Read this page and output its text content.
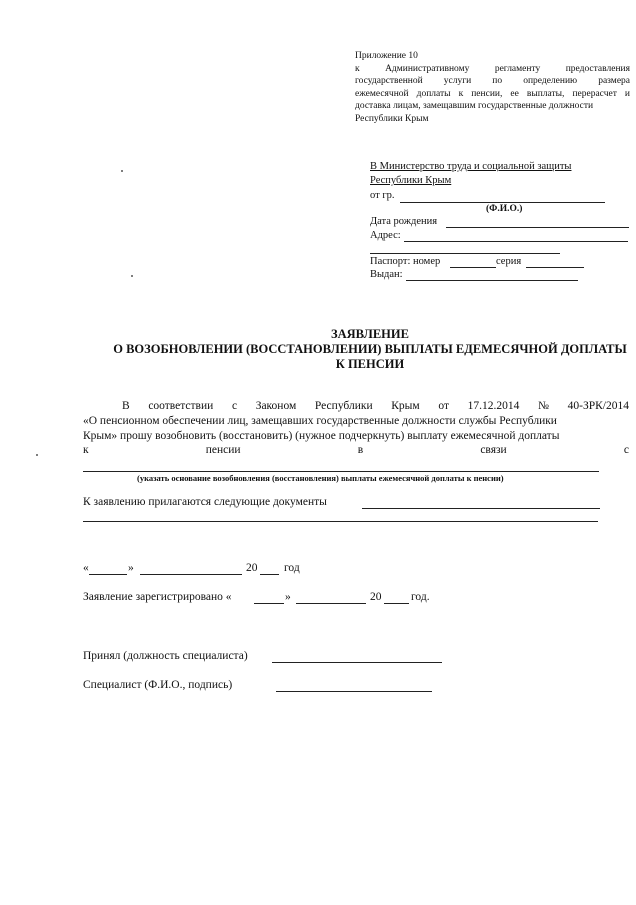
Приложение 10
к	Административному	регламенту	предоставления
государственной услуги по определению размера
ежемесячной доплаты к пенсии, ее выплаты, перерасчет и
доставка лицам, замещавшим государственные должности
Республики Крым
В Министерство труда и социальной защиты
Республики Крым
от гр.
(Ф.И.О.)
Дата рождения
Адрес:
Паспорт: номер	серия
Выдан:
ЗАЯВЛЕНИЕ
О ВОЗОБНОВЛЕНИИ (ВОССТАНОВЛЕНИИ) ВЫПЛАТЫ ЕДЕМЕСЯЧНОЙ ДОПЛАТЫ
К ПЕНСИИ
В соответствии с Законом Республики Крым от 17.12.2014 № 40-ЗРК/2014
«О пенсионном обеспечении лиц, замещавших государственные должности службы Республики
Крым» прошу возобновить (восстановить) (нужное подчеркнуть) выплату ежемесячной доплаты
к	пенсии	в	связи	с
(указать основание возобновления (восстановления) выплаты ежемесячной доплаты к пенсии)
К заявлению прилагаются следующие документы
«	»	20 год
Заявление зарегистрировано «	»	20	год.
Принял (должность специалиста)
Специалист (Ф.И.О., подпись)
